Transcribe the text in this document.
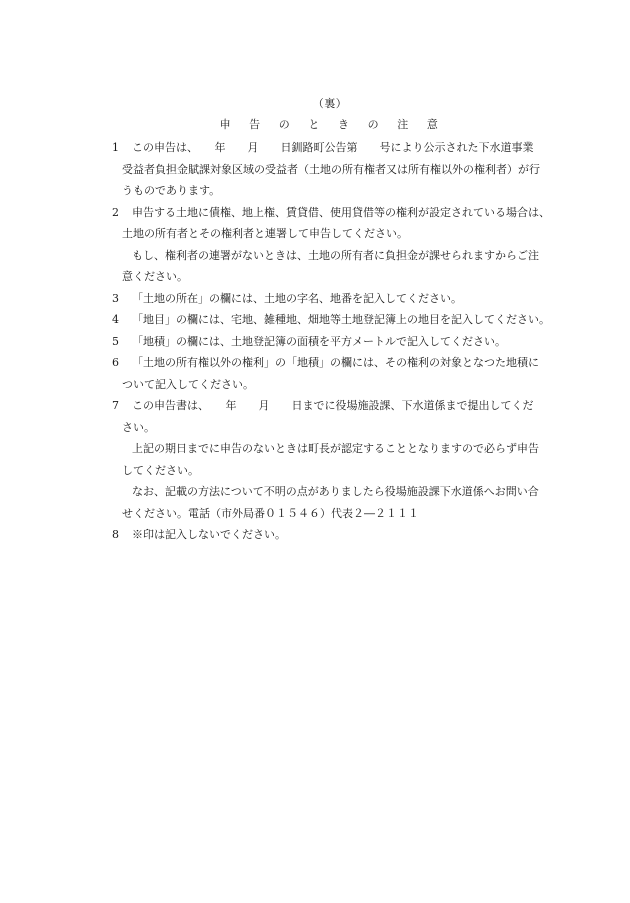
（裏）
申 告 の と き の 注 意
1	この申告は、　　年　　月　　日釧路町公告第　　号により公示された下水道事業
受益者負担金賦課対象区域の受益者（土地の所有権者又は所有権以外の権利者）が行
うものであります。
2	申告する土地に債権、地上権、賃貸借、使用貸借等の権利が設定されている場合は、
土地の所有者とその権利者と連署して申告してください。
もし、権利者の連署がないときは、土地の所有者に負担金が課せられますからご注
意ください。
3	「土地の所在」の欄には、土地の字名、地番を記入してください。
4	「地目」の欄には、宅地、雑種地、畑地等土地登記簿上の地目を記入してください。
5	「地積」の欄には、土地登記簿の面積を平方メートルで記入してください。
6	「土地の所有権以外の権利」の「地積」の欄には、その権利の対象となつた地積に
ついて記入してください。
7	この申告書は、　　年　　月　　日までに役場施設課、下水道係まで提出してくだ
さい。
上記の期日までに申告のないときは町長が認定することとなりますので必らず申告
してください。
なお、記載の方法について不明の点がありましたら役場施設課下水道係へお問い合
せください。電話（市外局番０１５４６）代表２―２１１１
8	※印は記入しないでください。
